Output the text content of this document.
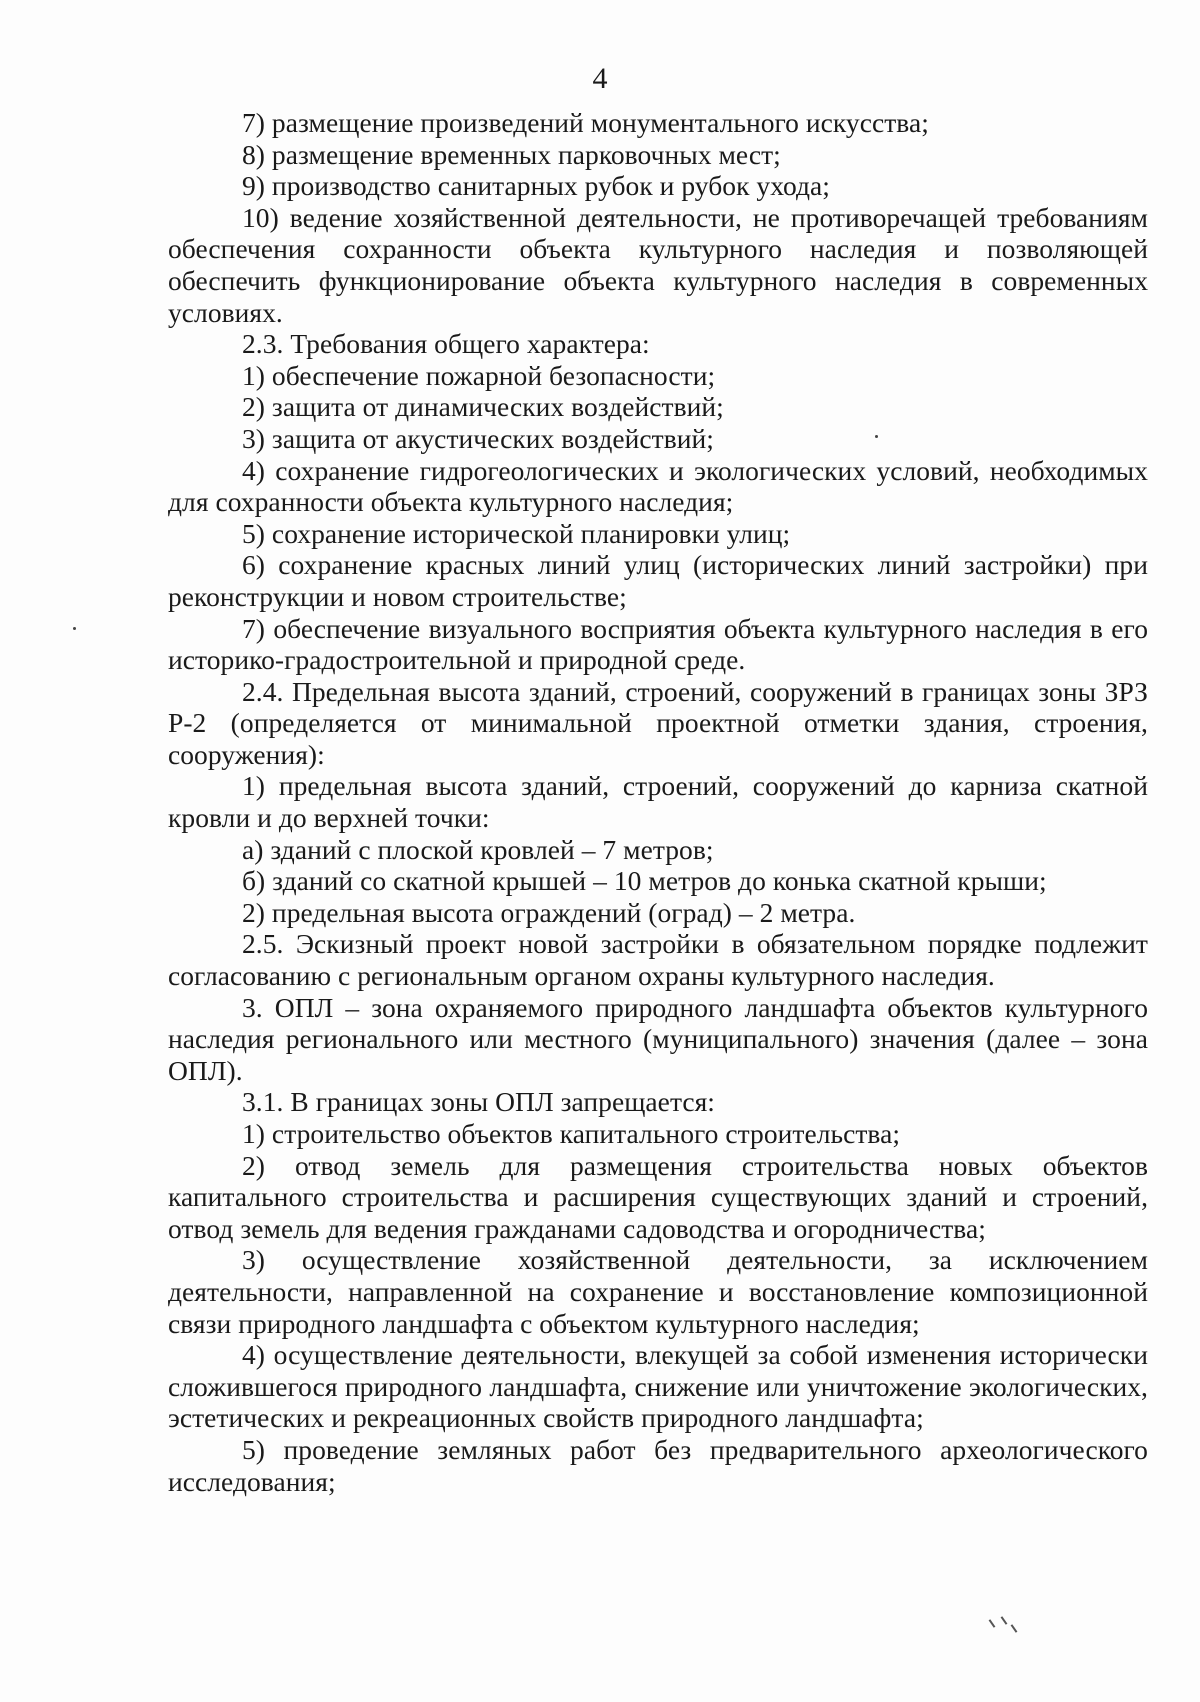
4

7) размещение произведений монументального искусства;

8) размещение временных парковочных мест;

9) производство санитарных рубок и рубок ухода;

10) ведение хозяйственной деятельности, не противоречащей требованиям обеспечения сохранности объекта культурного наследия и позволяющей обеспечить функционирование объекта культурного наследия в современных условиях.

2.3. Требования общего характера:

1) обеспечение пожарной безопасности;

2) защита от динамических воздействий;

3) защита от акустических воздействий;

4) сохранение гидрогеологических и экологических условий, необходимых для сохранности объекта культурного наследия;

5) сохранение исторической планировки улиц;

6) сохранение красных линий улиц (исторических линий застройки) при реконструкции и новом строительстве;

7) обеспечение визуального восприятия объекта культурного наследия в его историко-градостроительной и природной среде.

2.4. Предельная высота зданий, строений, сооружений в границах зоны ЗРЗ Р-2 (определяется от минимальной проектной отметки здания, строения, сооружения):

1) предельная высота зданий, строений, сооружений до карниза скатной кровли и до верхней точки:

а) зданий с плоской кровлей – 7 метров;

б) зданий со скатной крышей – 10 метров до конька скатной крыши;

2) предельная высота ограждений (оград) – 2 метра.

2.5. Эскизный проект новой застройки в обязательном порядке подлежит согласованию с региональным органом охраны культурного наследия.

3. ОПЛ – зона охраняемого природного ландшафта объектов культурного наследия регионального или местного (муниципального) значения (далее – зона ОПЛ).

3.1. В границах зоны ОПЛ запрещается:

1) строительство объектов капитального строительства;

2) отвод земель для размещения строительства новых объектов капитального строительства и расширения существующих зданий и строений, отвод земель для ведения гражданами садоводства и огородничества;

3) осуществление хозяйственной деятельности, за исключением деятельности, направленной на сохранение и восстановление композиционной связи природного ландшафта с объектом культурного наследия;

4) осуществление деятельности, влекущей за собой изменения исторически сложившегося природного ландшафта, снижение или уничтожение экологических, эстетических и рекреационных свойств природного ландшафта;

5) проведение земляных работ без предварительного археологического исследования;
